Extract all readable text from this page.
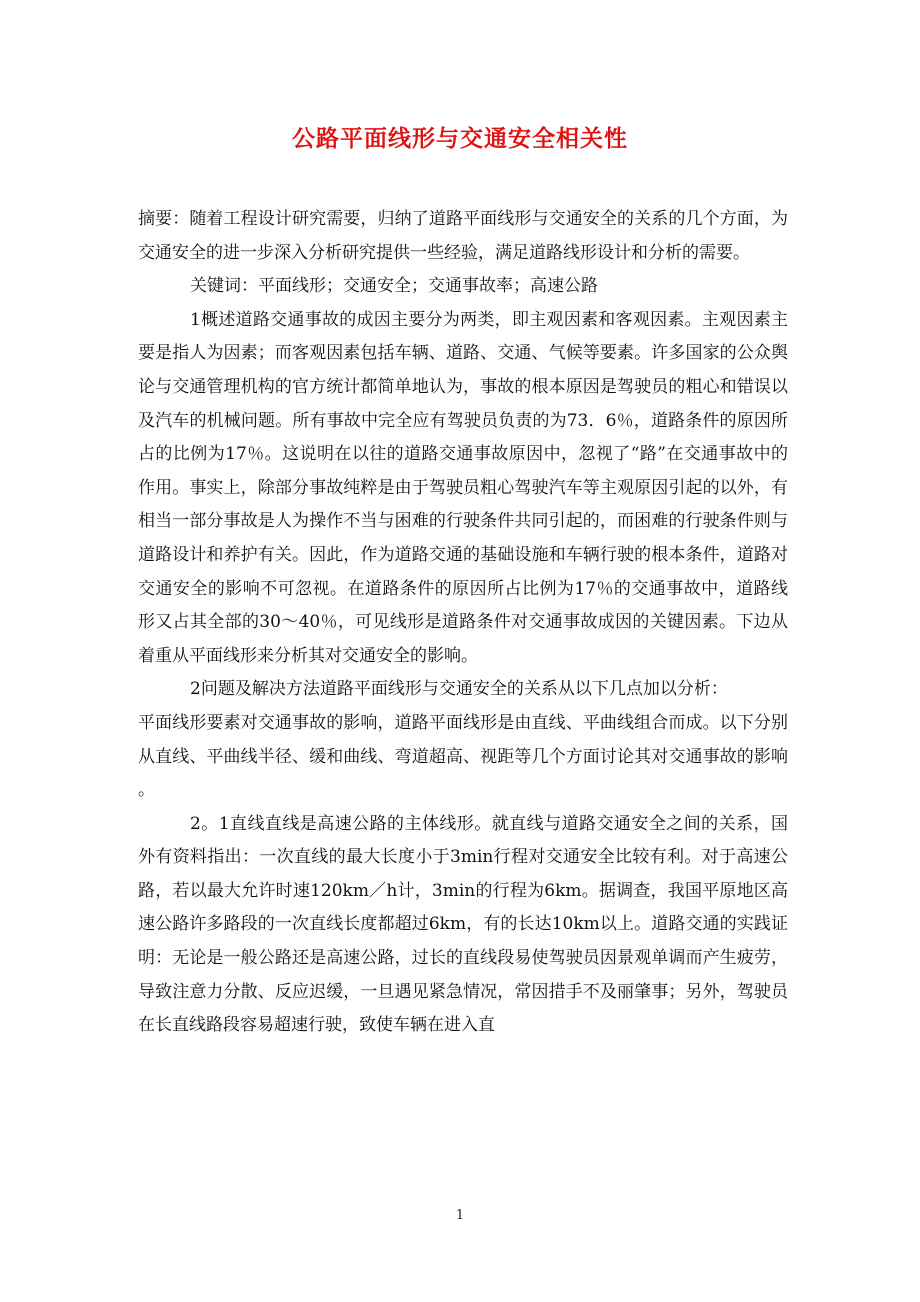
公路平面线形与交通安全相关性

摘要：随着工程设计研究需要，归纳了道路平面线形与交通安全的关系的几个方面，为交通安全的进一步深入分析研究提供一些经验，满足道路线形设计和分析的需要。

关键词：平面线形；交通安全；交通事故率；高速公路

1概述道路交通事故的成因主要分为两类，即主观因素和客观因素。主观因素主要是指人为因素；而客观因素包括车辆、道路、交通、气候等要素。许多国家的公众舆论与交通管理机构的官方统计都简单地认为，事故的根本原因是驾驶员的粗心和错误以及汽车的机械问题。所有事故中完全应有驾驶员负责的为73．6％，道路条件的原因所占的比例为17％。这说明在以往的道路交通事故原因中，忽视了“路”在交通事故中的作用。事实上，除部分事故纯粹是由于驾驶员粗心驾驶汽车等主观原因引起的以外，有相当一部分事故是人为操作不当与困难的行驶条件共同引起的，而困难的行驶条件则与道路设计和养护有关。因此，作为道路交通的基础设施和车辆行驶的根本条件，道路对交通安全的影响不可忽视。在道路条件的原因所占比例为17％的交通事故中，道路线形又占其全部的30～40％，可见线形是道路条件对交通事故成因的关键因素。下边从着重从平面线形来分析其对交通安全的影响。

2问题及解决方法道路平面线形与交通安全的关系从以下几点加以分析：

平面线形要素对交通事故的影响，道路平面线形是由直线、平曲线组合而成。以下分别从直线、平曲线半径、缓和曲线、弯道超高、视距等几个方面讨论其对交通事故的影响。

2。1直线直线是高速公路的主体线形。就直线与道路交通安全之间的关系，国外有资料指出：一次直线的最大长度小于3min行程对交通安全比较有利。对于高速公路，若以最大允许时速120km／h计，3min的行程为6km。据调查，我国平原地区高速公路许多路段的一次直线长度都超过6km，有的长达10km以上。道路交通的实践证明：无论是一般公路还是高速公路，过长的直线段易使驾驶员因景观单调而产生疲劳，导致注意力分散、反应迟缓，一旦遇见紧急情况，常因措手不及丽肇事；另外，驾驶员在长直线路段容易超速行驶，致使车辆在进入直

1
